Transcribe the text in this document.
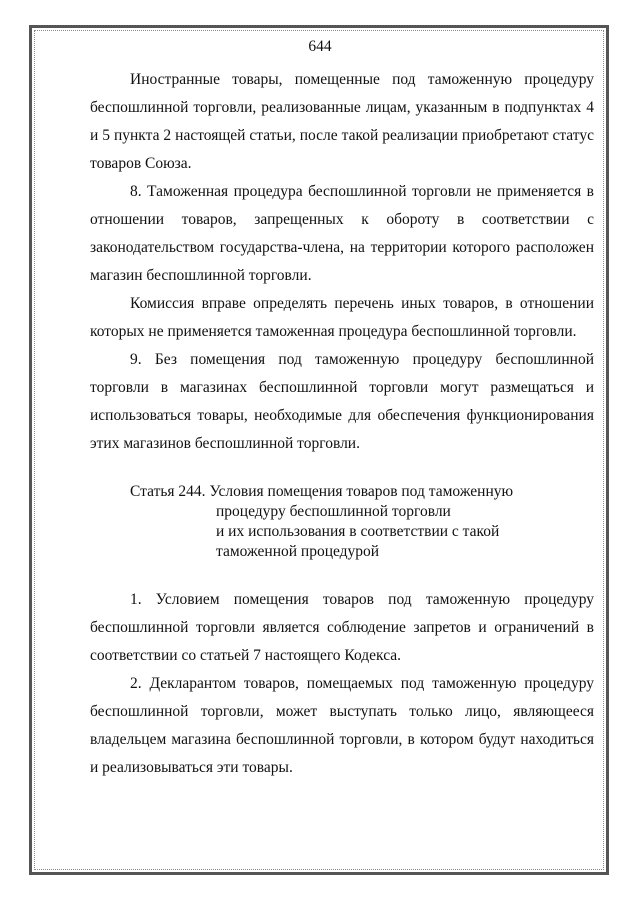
644

Иностранные товары, помещенные под таможенную процедуру беспошлинной торговли, реализованные лицам, указанным в подпунктах 4 и 5 пункта 2 настоящей статьи, после такой реализации приобретают статус товаров Союза.

8. Таможенная процедура беспошлинной торговли не применяется в отношении товаров, запрещенных к обороту в соответствии с законодательством государства-члена, на территории которого расположен магазин беспошлинной торговли.

Комиссия вправе определять перечень иных товаров, в отношении которых не применяется таможенная процедура беспошлинной торговли.

9. Без помещения под таможенную процедуру беспошлинной торговли в магазинах беспошлинной торговли могут размещаться и использоваться товары, необходимые для обеспечения функционирования этих магазинов беспошлинной торговли.

Статья 244. Условия помещения товаров под таможенную
процедуру беспошлинной торговли
и их использования в соответствии с такой
таможенной процедурой

1. Условием помещения товаров под таможенную процедуру беспошлинной торговли является соблюдение запретов и ограничений в соответствии со статьей 7 настоящего Кодекса.

2. Декларантом товаров, помещаемых под таможенную процедуру беспошлинной торговли, может выступать только лицо, являющееся владельцем магазина беспошлинной торговли, в котором будут находиться и реализовываться эти товары.
